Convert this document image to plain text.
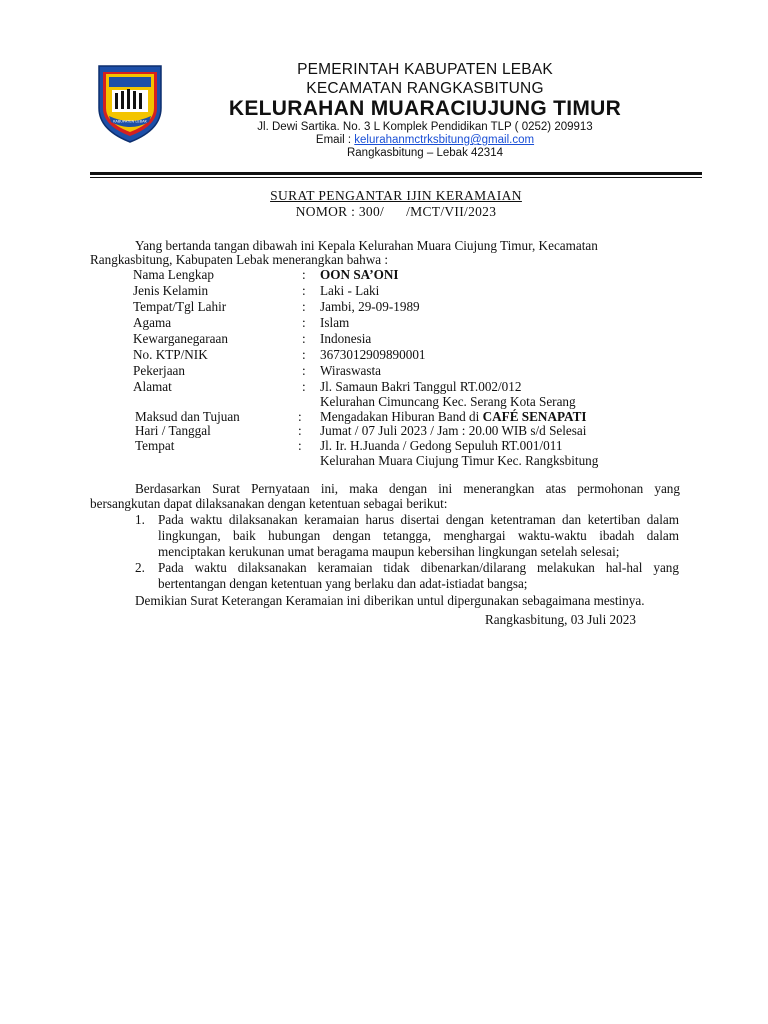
KABUPATEN LEBAK
PEMERINTAH KABUPATEN LEBAK
KECAMATAN RANGKASBITUNG
KELURAHAN MUARACIUJUNG TIMUR
Jl. Dewi Sartika. No. 3 L Komplek Pendidikan TLP ( 0252) 209913
Email : kelurahanmctrksbitung@gmail.com
Rangkasbitung – Lebak 42314
SURAT PENGANTAR IJIN KERAMAIAN
NOMOR : 300/      /MCT/VII/2023
Yang bertanda tangan dibawah ini Kepala Kelurahan Muara Ciujung Timur, Kecamatan
Rangkasbitung, Kabupaten Lebak menerangkan bahwa :
Nama Lengkap	: OON SA’ONI
Jenis Kelamin	: Laki - Laki
Tempat/Tgl Lahir	: Jambi, 29-09-1989
Agama	: Islam
Kewarganegaraan	: Indonesia
No. KTP/NIK	: 3673012909890001
Pekerjaan	: Wiraswasta
Alamat	: Jl. Samaun Bakri Tanggul RT.002/012
Kelurahan Cimuncang Kec. Serang Kota Serang
Maksud dan Tujuan	: Mengadakan Hiburan Band di CAFÉ SENAPATI
Hari / Tanggal	: Jumat / 07 Juli 2023 / Jam : 20.00 WIB s/d Selesai
Tempat	: Jl. Ir. H.Juanda / Gedong Sepuluh RT.001/011
Kelurahan Muara Ciujung Timur Kec. Rangksbitung
Berdasarkan Surat Pernyataan ini, maka dengan ini menerangkan atas permohonan yang
bersangkutan dapat dilaksanakan dengan ketentuan sebagai berikut:
1. Pada waktu dilaksanakan keramaian harus disertai dengan ketentraman dan ketertiban dalam
lingkungan, baik hubungan dengan tetangga, menghargai waktu-waktu ibadah dalam
menciptakan kerukunan umat beragama maupun kebersihan lingkungan setelah selesai;
2. Pada waktu dilaksanakan keramaian tidak dibenarkan/dilarang melakukan hal-hal yang
bertentangan dengan ketentuan yang berlaku dan adat-istiadat bangsa;
Demikian Surat Keterangan Keramaian ini diberikan untul dipergunakan sebagaimana mestinya.
Rangkasbitung, 03 Juli 2023
